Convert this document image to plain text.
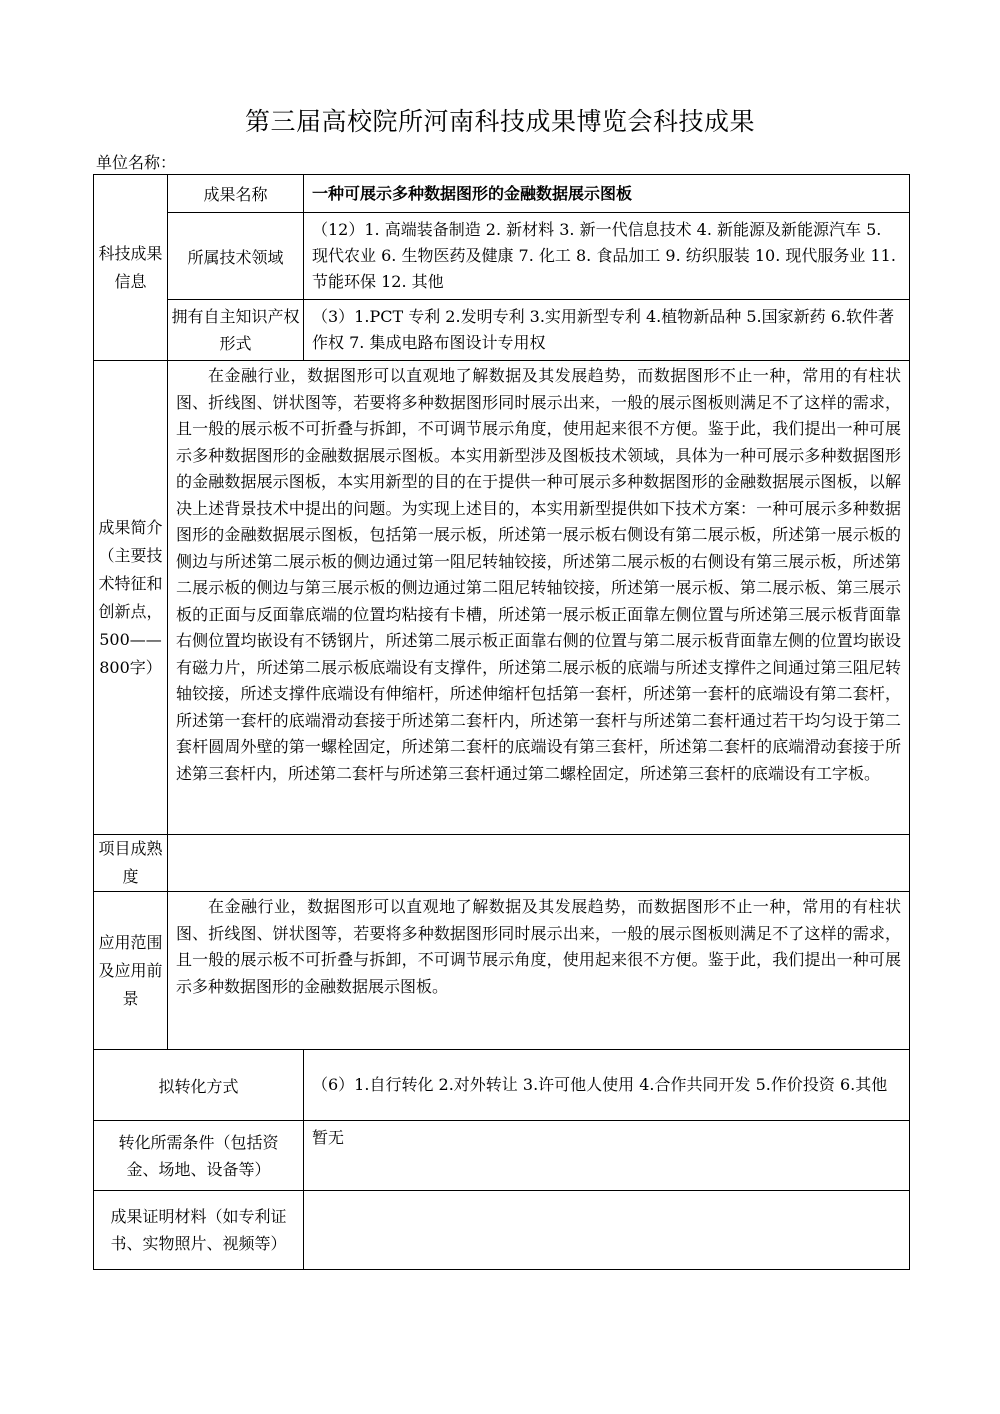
第三届高校院所河南科技成果博览会科技成果
单位名称：
科技成果信息	成果名称	一种可展示多种数据图形的金融数据展示图板
	所属技术领域	（12）1. 高端装备制造 2. 新材料 3. 新一代信息技术 4. 新能源及新能源汽车 5. 现代农业 6. 生物医药及健康 7. 化工 8. 食品加工 9. 纺织服装 10. 现代服务业 11. 节能环保 12. 其他
	拥有自主知识产权形式	（3）1.PCT 专利 2.发明专利 3.实用新型专利 4.植物新品种 5.国家新药 6.软件著作权 7. 集成电路布图设计专用权
成果简介（主要技术特征和创新点，500——800字）	在金融行业，数据图形可以直观地了解数据及其发展趋势，而数据图形不止一种，常用的有柱状图、折线图、饼状图等，若要将多种数据图形同时展示出来，一般的展示图板则满足不了这样的需求，且一般的展示板不可折叠与拆卸，不可调节展示角度，使用起来很不方便。鉴于此，我们提出一种可展示多种数据图形的金融数据展示图板。本实用新型涉及图板技术领域，具体为一种可展示多种数据图形的金融数据展示图板，本实用新型的目的在于提供一种可展示多种数据图形的金融数据展示图板，以解决上述背景技术中提出的问题。为实现上述目的，本实用新型提供如下技术方案：一种可展示多种数据图形的金融数据展示图板，包括第一展示板，所述第一展示板右侧设有第二展示板，所述第一展示板的侧边与所述第二展示板的侧边通过第一阻尼转轴铰接，所述第二展示板的右侧设有第三展示板，所述第二展示板的侧边与第三展示板的侧边通过第二阻尼转轴铰接，所述第一展示板、第二展示板、第三展示板的正面与反面靠底端的位置均粘接有卡槽，所述第一展示板正面靠左侧位置与所述第三展示板背面靠右侧位置均嵌设有不锈钢片，所述第二展示板正面靠右侧的位置与第二展示板背面靠左侧的位置均嵌设有磁力片，所述第二展示板底端设有支撑件，所述第二展示板的底端与所述支撑件之间通过第三阻尼转轴铰接，所述支撑件底端设有伸缩杆，所述伸缩杆包括第一套杆，所述第一套杆的底端设有第二套杆，所述第一套杆的底端滑动套接于所述第二套杆内，所述第一套杆与所述第二套杆通过若干均匀设于第二套杆圆周外壁的第一螺栓固定，所述第二套杆的底端设有第三套杆，所述第二套杆的底端滑动套接于所述第三套杆内，所述第二套杆与所述第三套杆通过第二螺栓固定，所述第三套杆的底端设有工字板。	
项目成熟度		
应用范围及应用前景	在金融行业，数据图形可以直观地了解数据及其发展趋势，而数据图形不止一种，常用的有柱状图、折线图、饼状图等，若要将多种数据图形同时展示出来，一般的展示图板则满足不了这样的需求，且一般的展示板不可折叠与拆卸，不可调节展示角度，使用起来很不方便。鉴于此，我们提出一种可展示多种数据图形的金融数据展示图板。	
拟转化方式		（6）1.自行转化 2.对外转让 3.许可他人使用 4.合作共同开发 5.作价投资 6.其他
转化所需条件（包括资金、场地、设备等）		暂无
成果证明材料（如专利证书、实物照片、视频等）		
